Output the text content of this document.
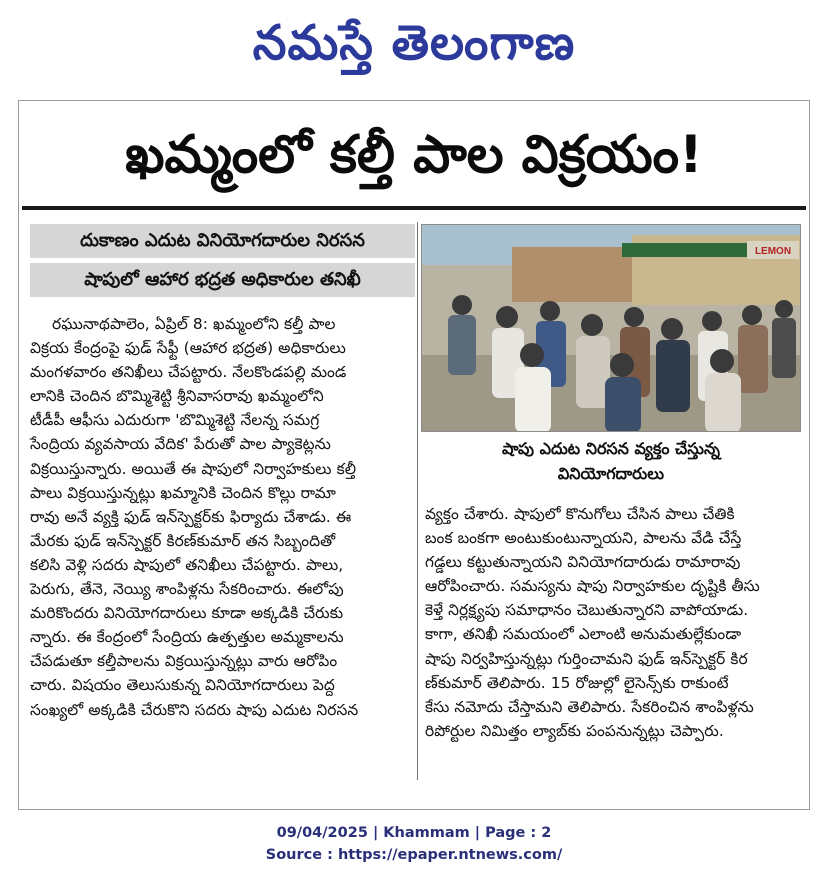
నమస్తే తెలంగాణ
ఖమ్మంలో కల్తీ పాల విక్రయం!
దుకాణం ఎదుట వినియోగదారుల నిరసన
షాపులో ఆహార భద్రత అధికారుల తనిఖీ
రఘునాథపాలెం, ఏప్రిల్ 8: ఖమ్మంలోని కల్తీ పాల
విక్రయ కేంద్రంపై ఫుడ్ సేఫ్టీ (ఆహార భద్రత) అధికారులు
మంగళవారం తనిఖీలు చేపట్టారు. నేలకొండపల్లి మండ
లానికి చెందిన బొమ్మిశెట్టి శ్రీనివాసరావు ఖమ్మంలోని
టీడీపీ ఆఫీసు ఎదురుగా 'బొమ్మిశెట్టి నేలన్న సమగ్ర
సేంద్రియ వ్యవసాయ వేదిక' పేరుతో పాల ప్యాకెట్లను
విక్రయిస్తున్నారు. అయితే ఈ షాపులో నిర్వాహకులు కల్తీ
పాలు విక్రయిస్తున్నట్లు ఖమ్మానికి చెందిన కొల్లు రామా
రావు అనే వ్యక్తి ఫుడ్ ఇన్‌స్పెక్టర్‌కు ఫిర్యాదు చేశాడు. ఈ
మేరకు ఫుడ్ ఇన్‌స్పెక్టర్ కిరణ్‌కుమార్ తన సిబ్బందితో
కలిసి వెళ్లి సదరు షాపులో తనిఖీలు చేపట్టారు. పాలు,
పెరుగు, తేనె, నెయ్యి శాంపిళ్లను సేకరించారు. ఈలోపు
మరికొందరు వినియోగదారులు కూడా అక్కడికి చేరుకు
న్నారు. ఈ కేంద్రంలో సేంద్రియ ఉత్పత్తుల అమ్మకాలను
చేపడుతూ కల్తీపాలను విక్రయిస్తున్నట్లు వారు ఆరోపిం
చారు. విషయం తెలుసుకున్న వినియోగదారులు పెద్ద
సంఖ్యలో అక్కడికి చేరుకొని సదరు షాపు ఎదుట నిరసన
LEMON
షాపు ఎదుట నిరసన వ్యక్తం చేస్తున్న
వినియోగదారులు
వ్యక్తం చేశారు. షాపులో కొనుగోలు చేసిన పాలు చేతికి
బంక బంకగా అంటుకుంటున్నాయని, పాలను వేడి చేస్తే
గడ్డలు కట్టుతున్నాయని వినియోగదారుడు రామారావు
ఆరోపించారు. సమస్యను షాపు నిర్వాహకుల దృష్టికి తీసు
కెళ్తే నిర్లక్ష్యపు సమాధానం చెబుతున్నారని వాపోయాడు.
కాగా, తనిఖీ సమయంలో ఎలాంటి అనుమతుల్లేకుండా
షాపు నిర్వహిస్తున్నట్లు గుర్తించామని ఫుడ్ ఇన్‌స్పెక్టర్ కిర
ణ్‌కుమార్ తెలిపారు. 15 రోజుల్లో లైసెన్స్‌కు రాకుంటే
కేసు నమోదు చేస్తామని తెలిపారు. సేకరించిన శాంపిళ్లను
రిపోర్టుల నిమిత్తం ల్యాబ్‌కు పంపనున్నట్లు చెప్పారు.
09/04/2025 | Khammam | Page : 2
Source : https://epaper.ntnews.com/
